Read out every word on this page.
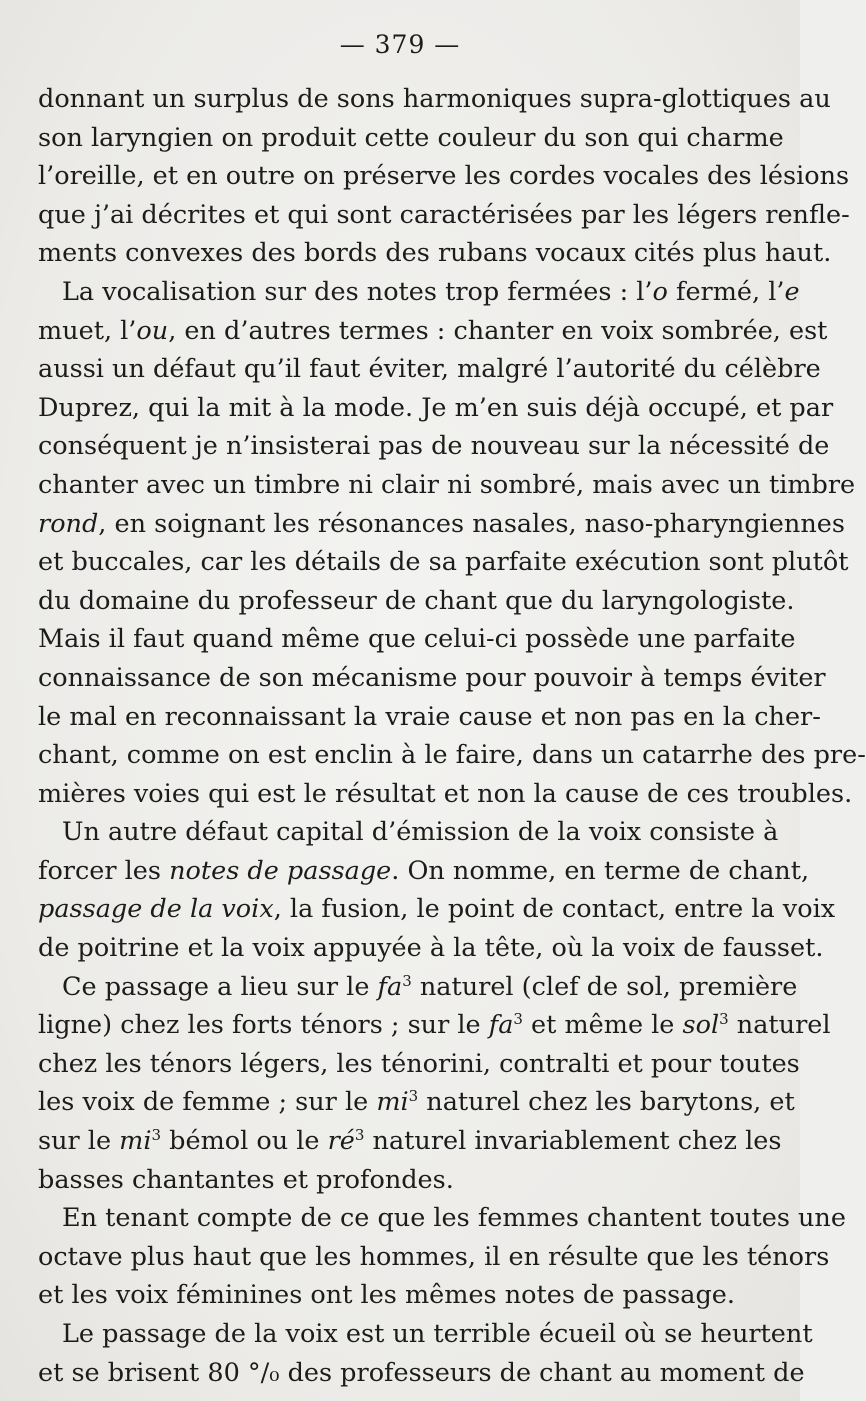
— 379 —
donnant un surplus de sons harmoniques supra-glottiques au
son laryngien on produit cette couleur du son qui charme
l’oreille, et en outre on préserve les cordes vocales des lésions
que j’ai décrites et qui sont caractérisées par les légers renfle-
ments convexes des bords des rubans vocaux cités plus haut.
La vocalisation sur des notes trop fermées : l’o fermé, l’e
muet, l’ou, en d’autres termes : chanter en voix sombrée, est
aussi un défaut qu’il faut éviter, malgré l’autorité du célèbre
Duprez, qui la mit à la mode. Je m’en suis déjà occupé, et par
conséquent je n’insisterai pas de nouveau sur la nécessité de
chanter avec un timbre ni clair ni sombré, mais avec un timbre
rond, en soignant les résonances nasales, naso-pharyngiennes
et buccales, car les détails de sa parfaite exécution sont plutôt
du domaine du professeur de chant que du laryngologiste.
Mais il faut quand même que celui-ci possède une parfaite
connaissance de son mécanisme pour pouvoir à temps éviter
le mal en reconnaissant la vraie cause et non pas en la cher-
chant, comme on est enclin à le faire, dans un catarrhe des pre-
mières voies qui est le résultat et non la cause de ces troubles.
Un autre défaut capital d’émission de la voix consiste à
forcer les notes de passage. On nomme, en terme de chant,
passage de la voix, la fusion, le point de contact, entre la voix
de poitrine et la voix appuyée à la tête, où la voix de fausset.
Ce passage a lieu sur le $fa^3$ naturel (clef de sol, première
ligne) chez les forts ténors ; sur le $fa^3$ et même le sol$^3$ naturel
chez les ténors légers, les ténorini, contralti et pour toutes
les voix de femme ; sur le $mi^3$ naturel chez les barytons, et
sur le $mi^3$ bémol ou le $ré^3$ naturel invariablement chez les
basses chantantes et profondes.
En tenant compte de ce que les femmes chantent toutes une
octave plus haut que les hommes, il en résulte que les ténors
et les voix féminines ont les mêmes notes de passage.
Le passage de la voix est un terrible écueil où se heurtent
et se brisent 80 °/₀ des professeurs de chant au moment de
